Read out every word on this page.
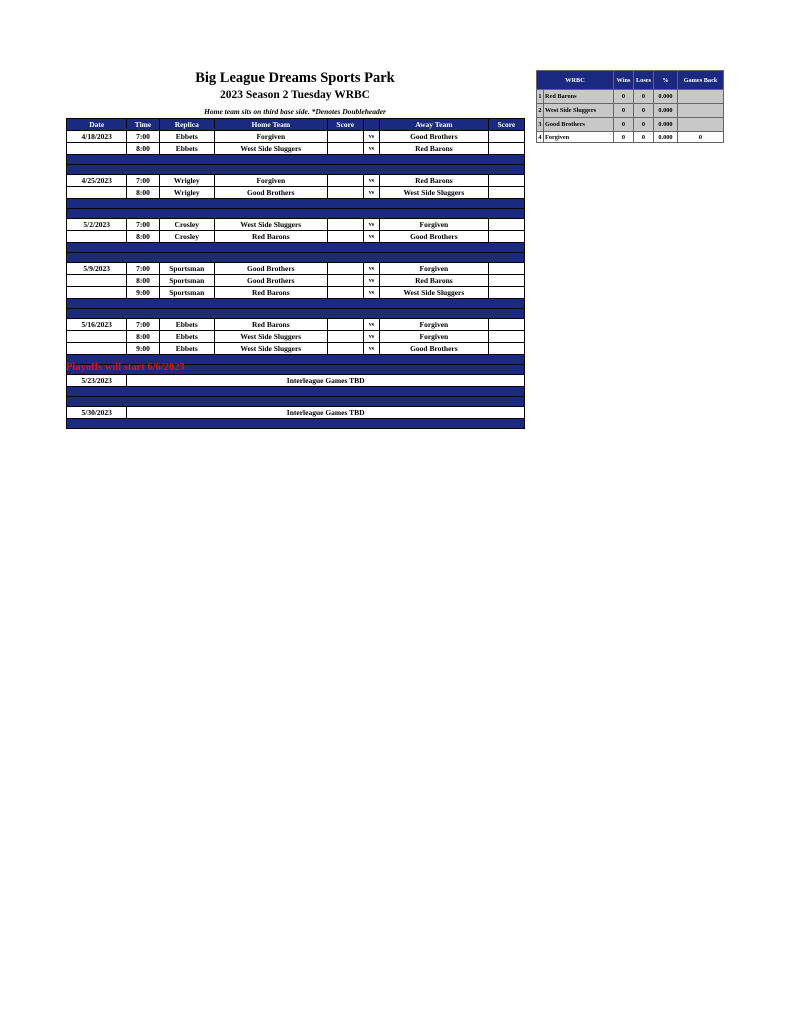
Big League Dreams Sports Park
2023 Season 2 Tuesday WRBC
Home team sits on third base side. *Denotes Doubleheader
Date	Time	Replica	Home Team	Score		Away Team	Score
4/18/2023	7:00	Ebbets	Forgiven		vs	Good Brothers	
	8:00	Ebbets	West Side Sluggers		vs	Red Barons	

4/25/2023	7:00	Wrigley	Forgiven		vs	Red Barons	
	8:00	Wrigley	Good Brothers		vs	West Side Sluggers	

5/2/2023	7:00	Crosley	West Side Sluggers		vs	Forgiven	
	8:00	Crosley	Red Barons		vs	Good Brothers	

5/9/2023	7:00	Sportsman	Good Brothers		vs	Forgiven	
	8:00	Sportsman	Good Brothers		vs	Red Barons	
	9:00	Sportsman	Red Barons		vs	West Side Sluggers	

5/16/2023	7:00	Ebbets	Red Barons		vs	Forgiven	
	8:00	Ebbets	West Side Sluggers		vs	Forgiven	
	9:00	Ebbets	West Side Sluggers		vs	Good Brothers	

5/23/2023	Interleague Games TBD						

5/30/2023	Interleague Games TBD						

Playoffs will start 6/6/2023
WRBC		Wins	Loses	%	Games Back
1	Red Barons	0	0	0.000	
2	West Side Sluggers	0	0	0.000	
3	Good Brothers	0	0	0.000	
4	Forgiven	0	0	0.000	0
